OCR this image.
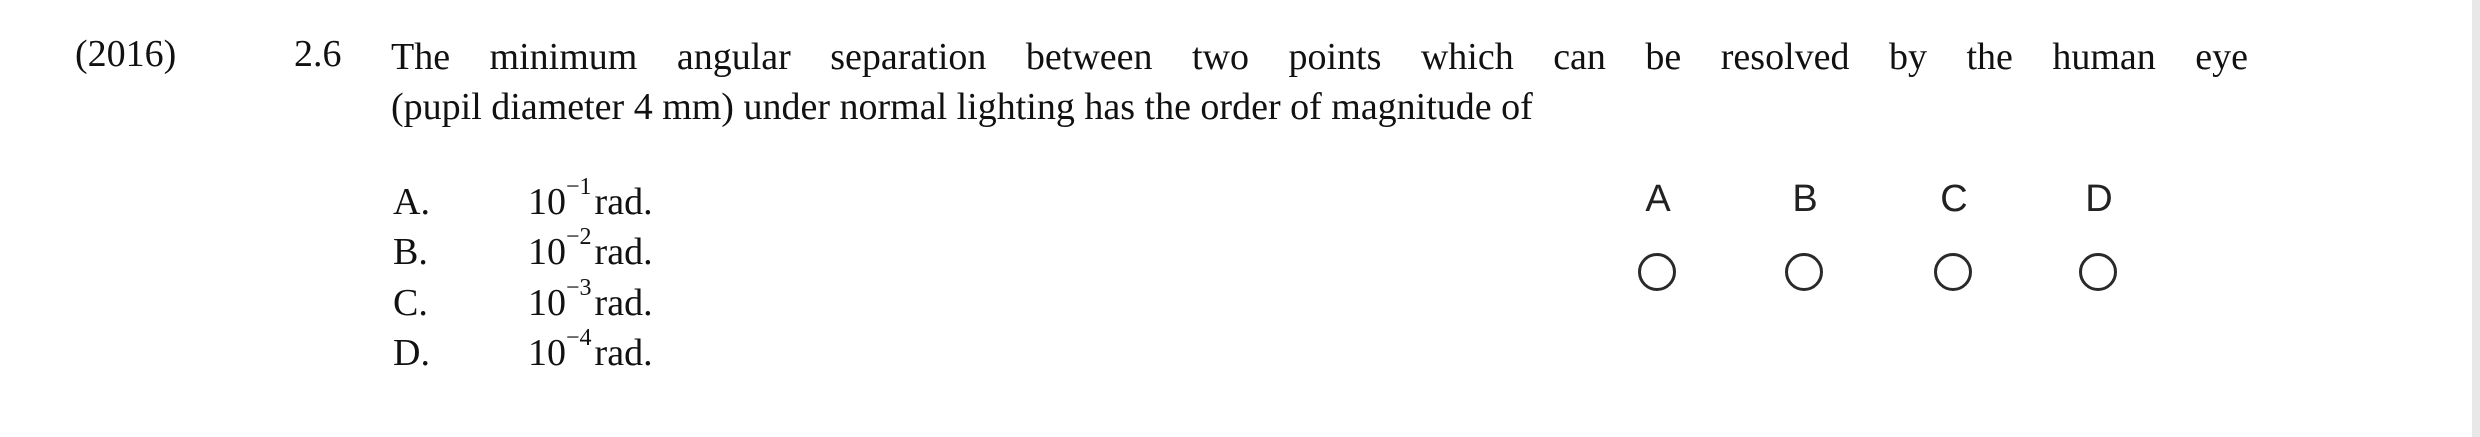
(2016)	2.6 The minimum angular separation between two points which can be resolved by the human eye
(pupil diameter 4 mm) under normal lighting has the order of magnitude of
A.	$10^{-1}rad$.
B.	$10^{-2}rad$.
C.	$10^{-3}rad$.
D.	$10^{-4}rad$.
A	B	C	D
